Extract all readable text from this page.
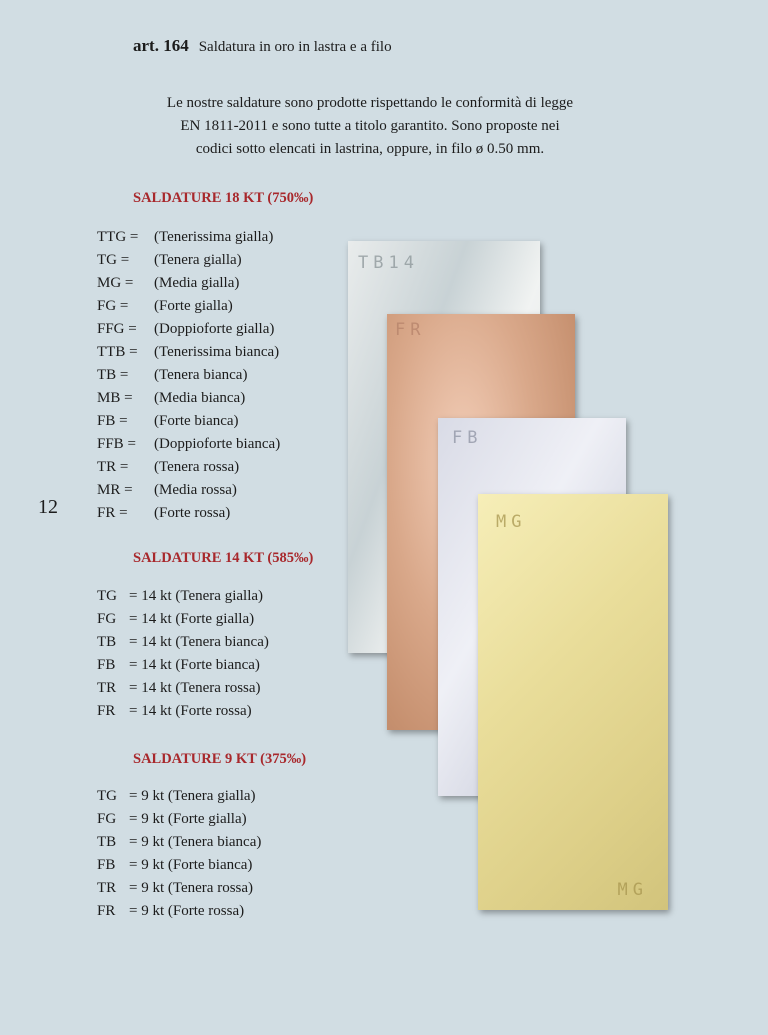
art. 164 Saldatura in oro in lastra e a filo
Le nostre saldature sono prodotte rispettando le conformità di legge
EN 1811-2011 e sono tutte a titolo garantito. Sono proposte nei
codici sotto elencati in lastrina, oppure, in filo ø 0.50 mm.
SALDATURE 18 KT (750‰)
TTG = (Tenerissima gialla)
TG = (Tenera gialla)
MG = (Media gialla)
FG = (Forte gialla)
FFG = (Doppioforte gialla)
TTB = (Tenerissima bianca)
TB = (Tenera bianca)
MB = (Media bianca)
FB = (Forte bianca)
FFB = (Doppioforte bianca)
TR = (Tenera rossa)
MR = (Media rossa)
FR = (Forte rossa)
12
SALDATURE 14 KT (585‰)
TG = 14 kt (Tenera gialla)
FG = 14 kt (Forte gialla)
TB = 14 kt (Tenera bianca)
FB = 14 kt (Forte bianca)
TR = 14 kt (Tenera rossa)
FR = 14 kt (Forte rossa)
SALDATURE 9 KT (375‰)
TG = 9 kt (Tenera gialla)
FG = 9 kt (Forte gialla)
TB = 9 kt (Tenera bianca)
FB = 9 kt (Forte bianca)
TR = 9 kt (Tenera rossa)
FR = 9 kt (Forte rossa)
TB14
FR
FB
MG
MG
